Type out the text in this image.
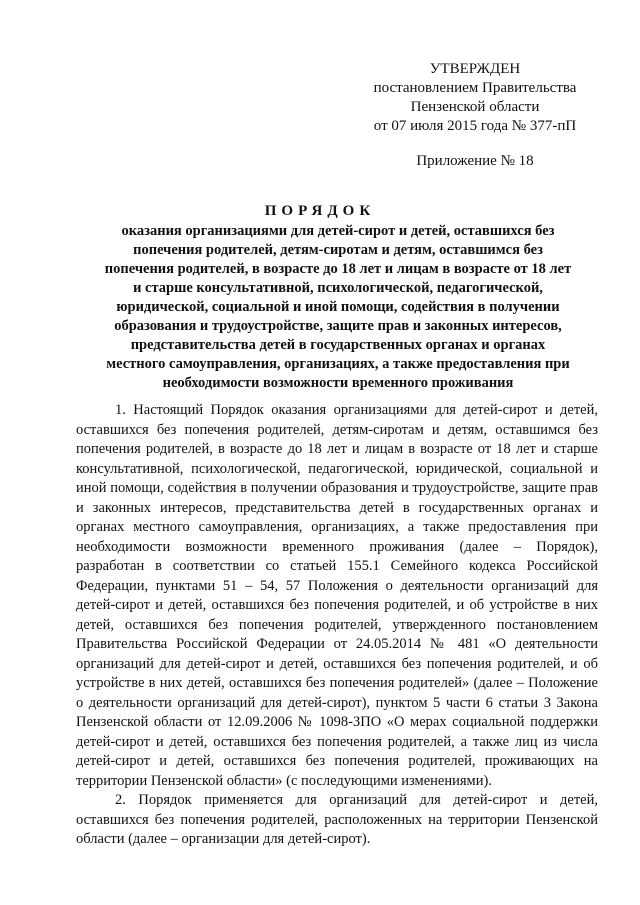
УТВЕРЖДЕН
постановлением Правительства
Пензенской области
от 07 июля 2015 года № 377-пП
Приложение № 18
ПОРЯДОК
оказания организациями для детей-сирот и детей, оставшихся без попечения родителей, детям-сиротам и детям, оставшимся без попечения родителей, в возрасте до 18 лет и лицам в возрасте от 18 лет и старше консультативной, психологической, педагогической, юридической, социальной и иной помощи, содействия в получении образования и трудоустройстве, защите прав и законных интересов, представительства детей в государственных органах и органах местного самоуправления, организациях, а также предоставления при необходимости возможности временного проживания

1. Настоящий Порядок оказания организациями для детей-сирот и детей, оставшихся без попечения родителей, детям-сиротам и детям, оставшимся без попечения родителей, в возрасте до 18 лет и лицам в возрасте от 18 лет и старше консультативной, психологической, педагогической, юридической, социальной и иной помощи, содействия в получении образования и трудоустройстве, защите прав и законных интересов, представительства детей в государственных органах и органах местного самоуправления, организациях, а также предоставления при необходимости возможности временного проживания (далее – Порядок), разработан в соответствии со статьей 155.1 Семейного кодекса Российской Федерации, пунктами 51 – 54, 57 Положения о деятельности организаций для детей-сирот и детей, оставшихся без попечения родителей, и об устройстве в них детей, оставшихся без попечения родителей, утвержденного постановлением Правительства Российской Федерации от 24.05.2014 № 481 «О деятельности организаций для детей-сирот и детей, оставшихся без попечения родителей, и об устройстве в них детей, оставшихся без попечения родителей» (далее – Положение о деятельности организаций для детей-сирот), пунктом 5 части 6 статьи 3 Закона Пензенской области от 12.09.2006 № 1098-ЗПО «О мерах социальной поддержки детей-сирот и детей, оставшихся без попечения родителей, а также лиц из числа детей-сирот и детей, оставшихся без попечения родителей, проживающих на территории Пензенской области» (с последующими изменениями).

2. Порядок применяется для организаций для детей-сирот и детей, оставшихся без попечения родителей, расположенных на территории Пензенской области (далее – организации для детей-сирот).
